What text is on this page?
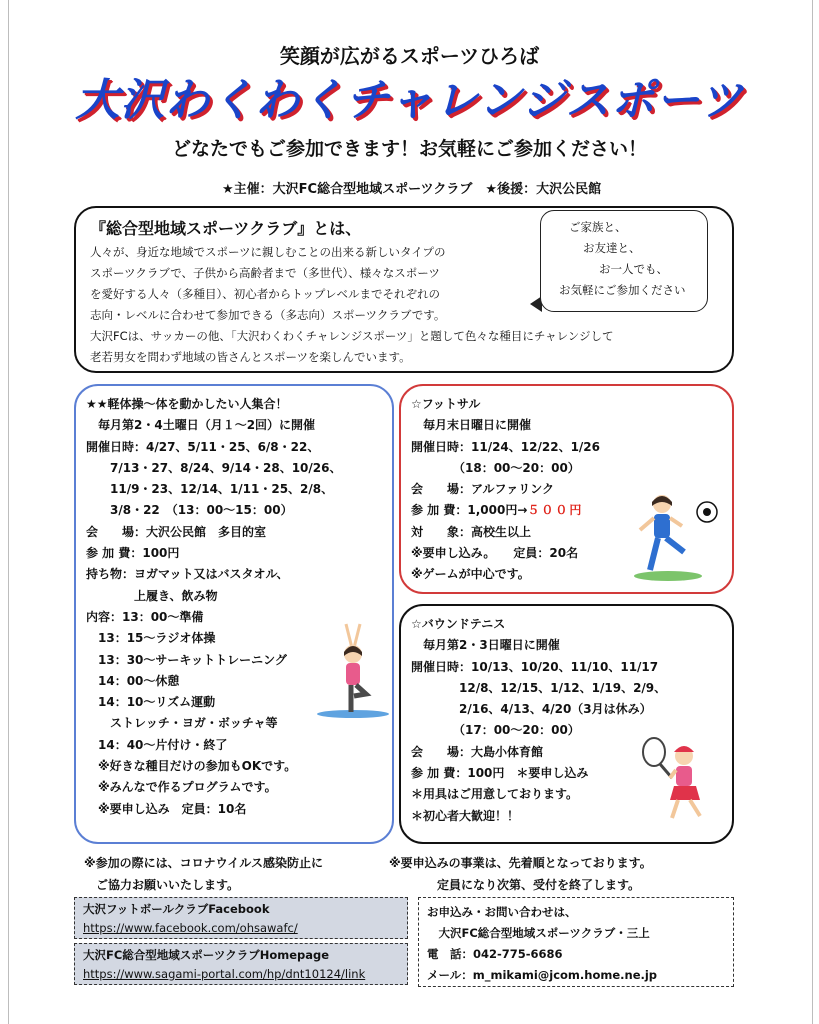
笑顔が広がるスポーツひろば
大沢わくわくチャレンジスポーツ
どなたでもご参加できます！お気軽にご参加ください！
★主催：大沢FC総合型地域スポーツクラブ　★後援：大沢公民館
『総合型地域スポーツクラブ』とは、
人々が、身近な地域でスポーツに親しむことの出来る新しいタイプの
スポーツクラブで、子供から高齢者まで（多世代）、様々なスポーツ
を愛好する人々（多種目）、初心者からトップレベルまでそれぞれの
志向・レベルに合わせて参加できる（多志向）スポーツクラブです。
大沢FCは、サッカーの他、「大沢わくわくチャレンジスポーツ」と題して色々な種目にチャレンジして
老若男女を問わず地域の皆さんとスポーツを楽しんでいます。
ご家族と、
お友達と、
お一人でも、
お気軽にご参加ください
★★軽体操～体を動かしたい人集合！
　毎月第2・4土曜日（月１～2回）に開催
開催日時：4/27、5/11・25、6/8・22、
　　7/13・27、8/24、9/14・28、10/26、
　　11/9・23、12/14、1/11・25、2/8、
　　3/8・22　（13：00～15：00）
会　　場：大沢公民館　多目的室
参 加 費：100円
持ち物：ヨガマット又はバスタオル、
　　　　上履き、飲み物
内容：13：00～準備
　13：15～ラジオ体操
　13：30～サーキットトレーニング
　14：00～休憩
　14：10～リズム運動
　　ストレッチ・ヨガ・ボッチャ等
　14：40～片付け・終了
　※好きな種目だけの参加もOKです。
　※みんなで作るプログラムです。
　※要申し込み　定員：10名
☆フットサル
　毎月末日曜日に開催
開催日時：11/24、12/22、1/26
　　　　（18：00～20：00）
会　　場：アルファリンク
参 加 費：1,000円→５００円
対　　象：高校生以上
※要申し込み。　　定員：20名
※ゲームが中心です。
☆バウンドテニス
　毎月第2・3日曜日に開催
開催日時：10/13、10/20、11/10、11/17
　　　　12/8、12/15、1/12、1/19、2/9、
　　　　2/16、4/13、4/20（3月は休み）
　　　　（17：00～20：00）
会　　場：大島小体育館
参 加 費：100円　＊要申し込み
＊用具はご用意しております。
＊初心者大歓迎！！
※参加の際には、コロナウイルス感染防止に
　ご協力お願いいたします。
※要申込みの事業は、先着順となっております。
　　　　定員になり次第、受付を終了します。
大沢フットボールクラブFacebook
https://www.facebook.com/ohsawafc/
大沢FC総合型地域スポーツクラブHomepage
https://www.sagami-portal.com/hp/dnt10124/link
お申込み・お問い合わせは、
　大沢FC総合型地域スポーツクラブ・三上
電　話：042-775-6686
メール：m_mikami@jcom.home.ne.jp
